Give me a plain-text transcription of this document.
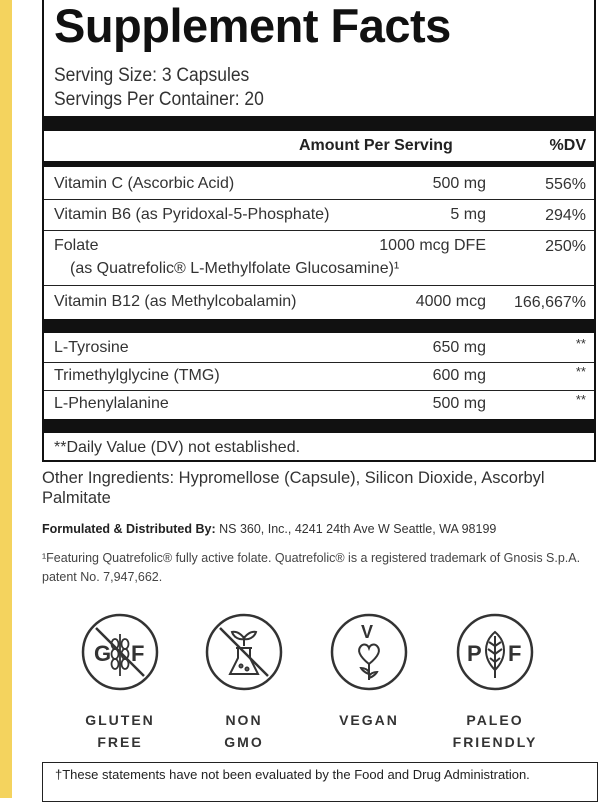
Supplement Facts
Serving Size: 3 Capsules
Servings Per Container: 20
Amount Per Serving	%DV
Vitamin C (Ascorbic Acid)	500 mg	556%
Vitamin B6 (as Pyridoxal-5-Phosphate)	5 mg	294%
Folate	1000 mcg DFE	250%
(as Quatrefolic® L-Methylfolate Glucosamine)¹
Vitamin B12 (as Methylcobalamin)	4000 mcg 166,667%
L-Tyrosine	650 mg	**
Trimethylglycine (TMG)	600 mg	**
L-Phenylalanine	500 mg	**
**Daily Value (DV) not established.
Other Ingredients: Hypromellose (Capsule), Silicon Dioxide, Ascorbyl Palmitate
Formulated & Distributed By: NS 360, Inc., 4241 24th Ave W Seattle, WA 98199
¹Featuring Quatrefolic® fully active folate. Quatrefolic® is a registered trademark of Gnosis S.p.A. patent No. 7,947,662.
G F
V
P F
GLUTEN
FREE
NON
GMO
VEGAN	PALEO
FRIENDLY
†These statements have not been evaluated by the Food and Drug Administration.
